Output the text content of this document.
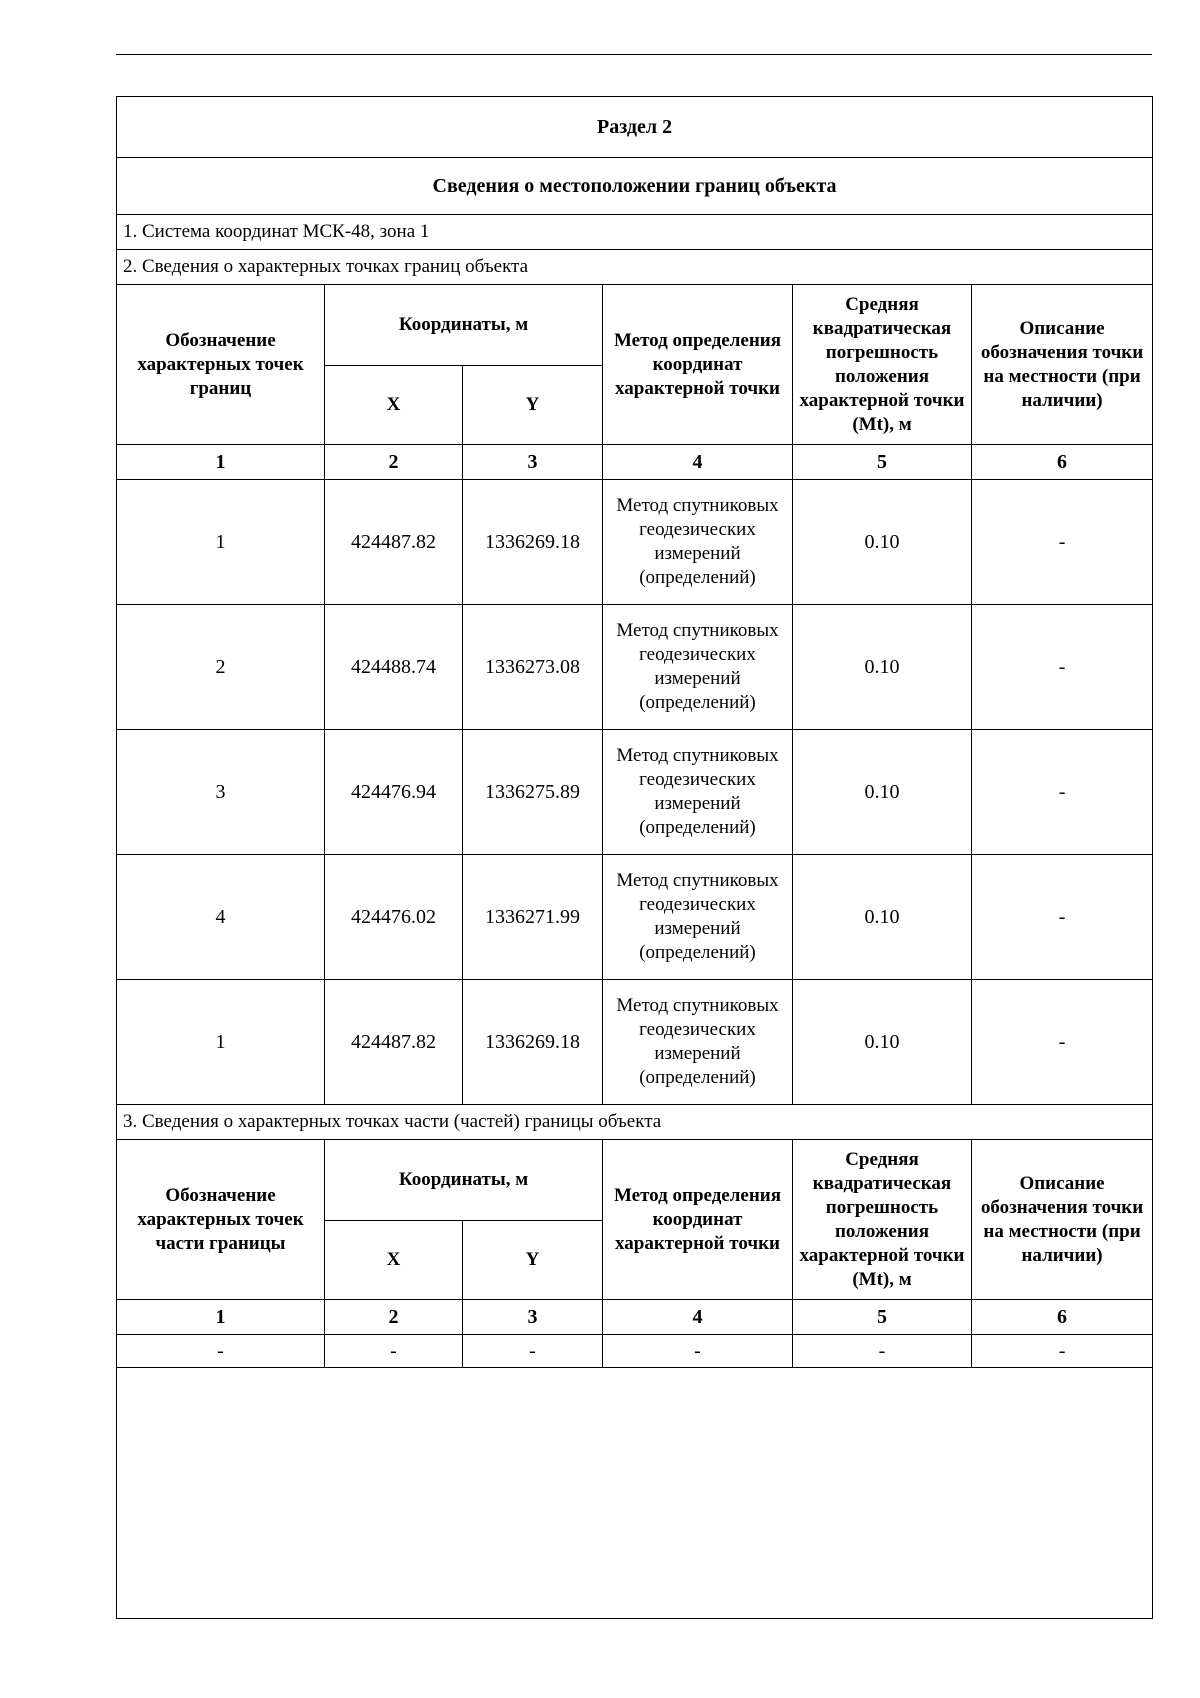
Раздел 2					
Сведения о местоположении границ объекта					
1. Система координат МСК-48, зона 1					
2. Сведения о характерных точках границ объекта					
Обозначение характерных точек границ	Координаты, м		Метод определения координат характерной точки	Средняя квадратическая погрешность положения характерной точки (Mt), м	Описание обозначения точки на местности (при наличии)
	X	Y			
1	2	3	4	5	6
1	424487.82	1336269.18	Метод спутниковых геодезических измерений (определений)	0.10	-
2	424488.74	1336273.08	Метод спутниковых геодезических измерений (определений)	0.10	-
3	424476.94	1336275.89	Метод спутниковых геодезических измерений (определений)	0.10	-
4	424476.02	1336271.99	Метод спутниковых геодезических измерений (определений)	0.10	-
1	424487.82	1336269.18	Метод спутниковых геодезических измерений (определений)	0.10	-
3. Сведения о характерных точках части (частей) границы объекта					
Обозначение характерных точек части границы	Координаты, м		Метод определения координат характерной точки	Средняя квадратическая погрешность положения характерной точки (Mt), м	Описание обозначения точки на местности (при наличии)
	X	Y			
1	2	3	4	5	6
-	-	-	-	-	-
